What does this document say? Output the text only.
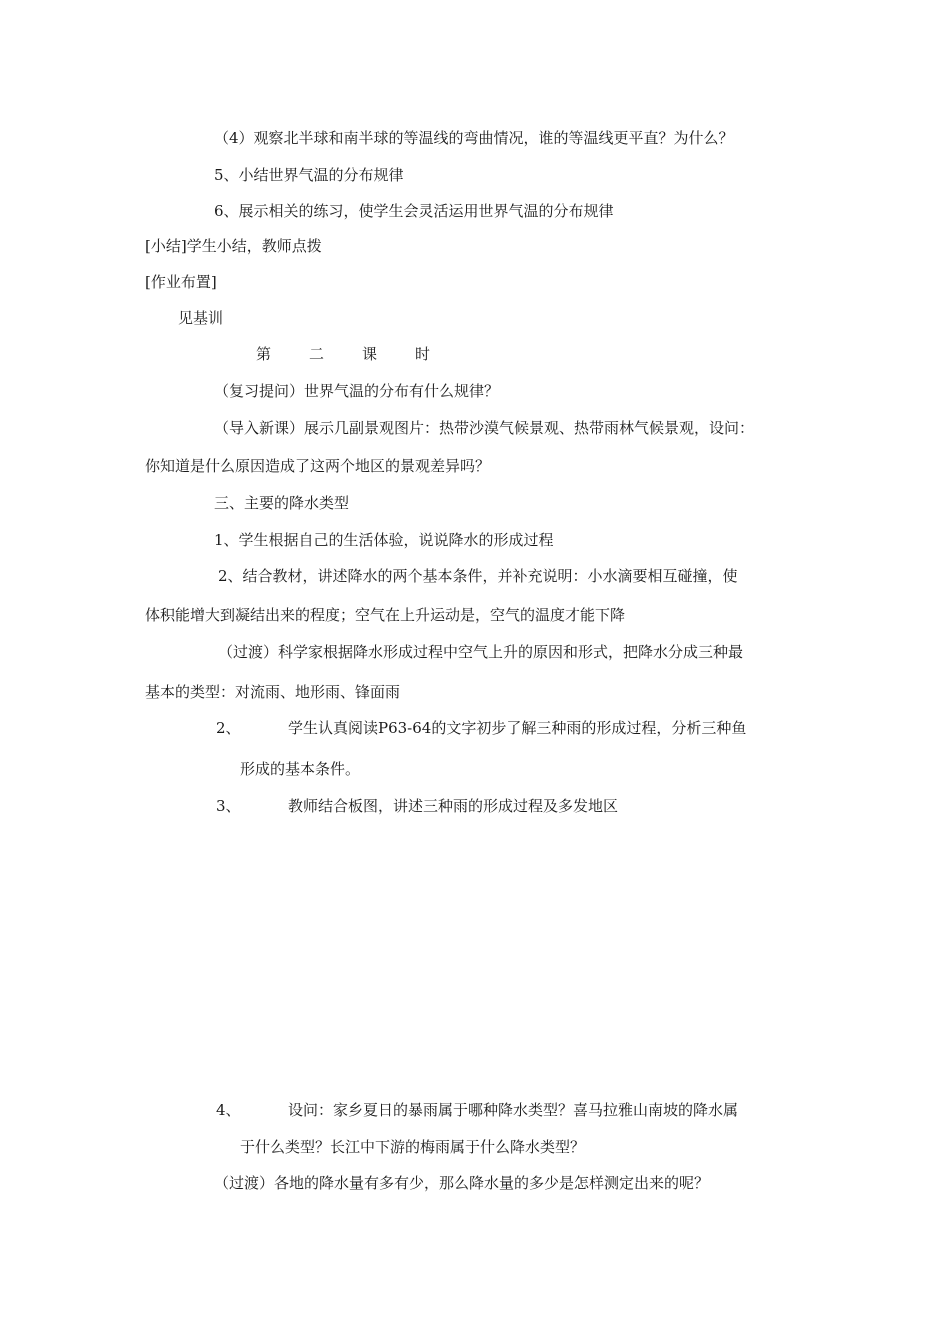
（4）观察北半球和南半球的等温线的弯曲情况，谁的等温线更平直？为什么？
5、小结世界气温的分布规律
6、展示相关的练习，使学生会灵活运用世界气温的分布规律
[小结]学生小结，教师点拨
[作业布置]
见基训
第	二	课	时
（复习提问）世界气温的分布有什么规律？
（导入新课）展示几副景观图片：热带沙漠气候景观、热带雨林气候景观，设问：
你知道是什么原因造成了这两个地区的景观差异吗？
三、主要的降水类型
1、学生根据自己的生活体验，说说降水的形成过程
2、结合教材，讲述降水的两个基本条件，并补充说明：小水滴要相互碰撞，使
体积能增大到凝结出来的程度；空气在上升运动是，空气的温度才能下降
（过渡）科学家根据降水形成过程中空气上升的原因和形式，把降水分成三种最
基本的类型：对流雨、地形雨、锋面雨
2、	学生认真阅读P63-64的文字初步了解三种雨的形成过程，分析三种鱼
形成的基本条件。
3、	教师结合板图，讲述三种雨的形成过程及多发地区
4、	设问：家乡夏日的暴雨属于哪种降水类型？喜马拉雅山南坡的降水属
于什么类型？长江中下游的梅雨属于什么降水类型？
（过渡）各地的降水量有多有少，那么降水量的多少是怎样测定出来的呢？
